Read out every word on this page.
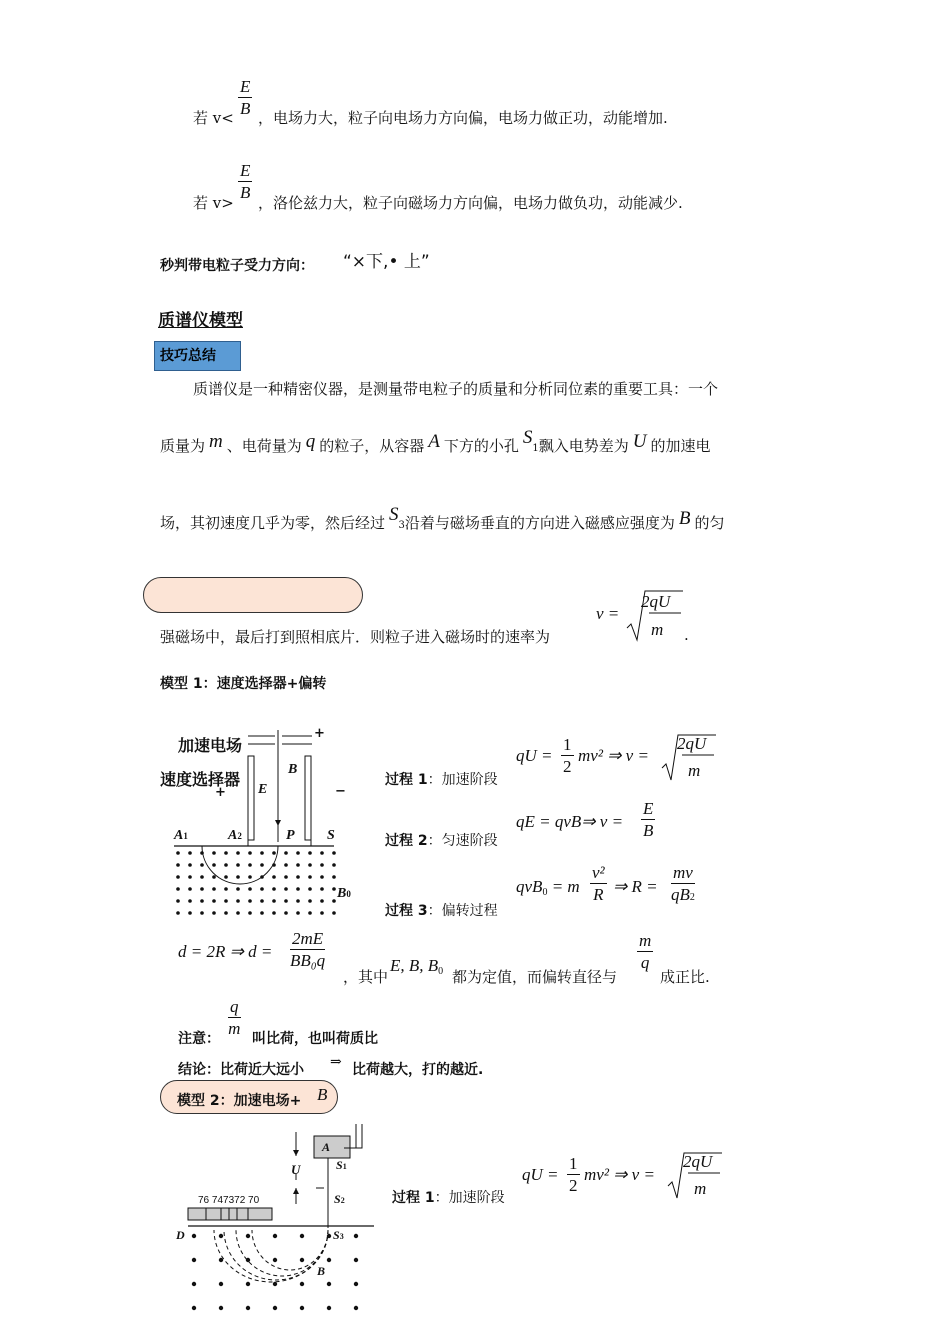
若 $v< \frac{E}{B}$ ，电场力大，粒子向电场力方向偏，电场力做正功，动能增加.
若 $v> \frac{E}{B}$ ，洛伦兹力大，粒子向磁场力方向偏，电场力做负功，动能减少.
秒判带电粒子受力方向： “×下,• 上”
质谱仪模型
技巧总结
质谱仪是一种精密仪器，是测量带电粒子的质量和分析同位素的重要工具：一个
质量为 m 、电荷量为 q 的粒子，从容器 A 下方的小孔 S1飘入电势差为 U 的加速电
场，其初速度几乎为零，然后经过 S3沿着与磁场垂直的方向进入磁感应强度为 B 的匀
强磁场中，最后打到照相底片．则粒子进入磁场时的速率为
v =
2qU
m .
模型 1：速度选择器+偏转
加速电场
速度选择器
+
+	−
E
B
A1	A2	P S
B0
过程 1：加速阶段
过程 2：匀速阶段
过程 3：偏转过程
qU = $\frac{1}{2} mv^2$ ⇒ v =
2qU
m
qE = qvB⇒ $v = \frac{E}{B}$
qvB$_0$ = m $\frac{\text{v²}}{R}$ ⇒ $R = \frac{mv}{qB2}$
d = 2R ⇒ $d = \frac{2mE}{\text{BB₀q}}$
，其中
E, B, $B_0$ 都为定值，而偏转直径与
$\frac{m}{q}$
成正比.
注意： $\frac{q}{m}$ 叫比荷，也叫荷质比
结论：比荷近大远小 ⇒ 比荷越大，打的越近.
模型 2：加速电场+ B
A
U	S1
S2
S3
D
B
76 747372 70	过程 1：加速阶段
qU = $\frac{1}{2} mv^2$ ⇒ v =
2qU
m
